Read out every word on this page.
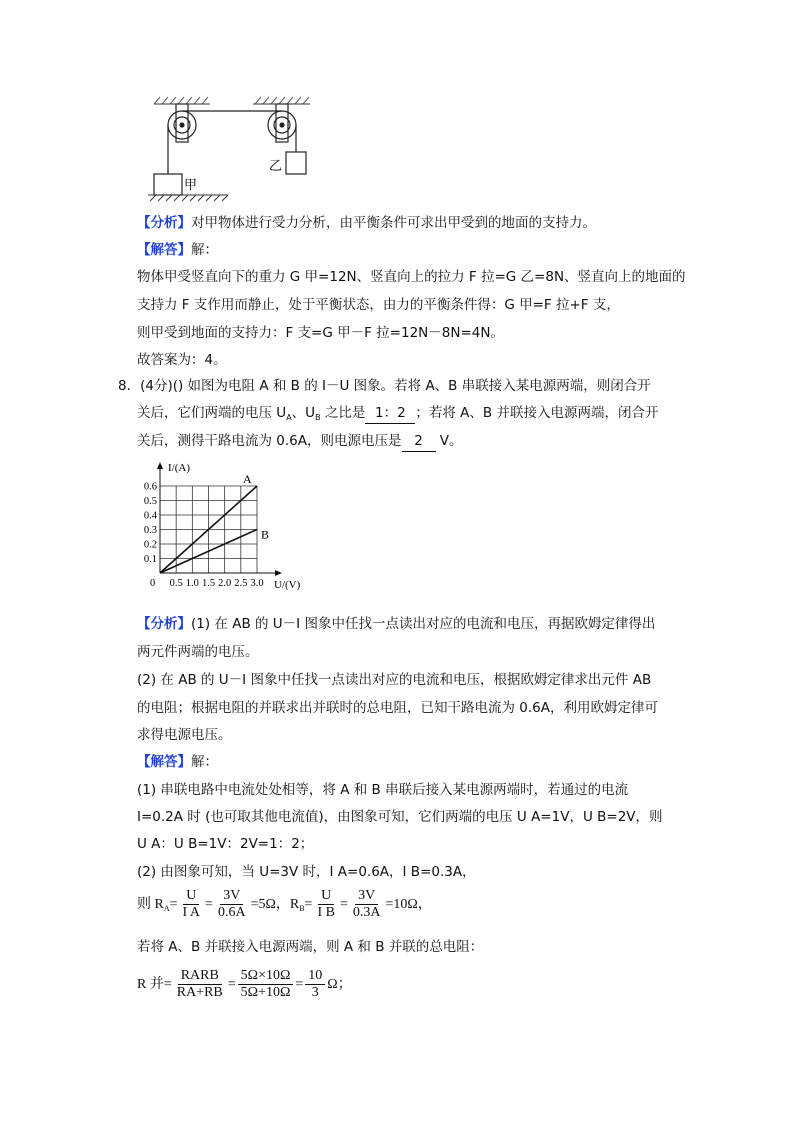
甲
乙
【分析】对甲物体进行受力分析，由平衡条件可求出甲受到的地面的支持力。
【解答】解：
物体甲受竖直向下的重力 G 甲=12N、竖直向上的拉力 F 拉=G 乙=8N、竖直向上的地面的
支持力 F 支作用而静止，处于平衡状态，由力的平衡条件得：G 甲=F 拉+F 支，
则甲受到地面的支持力：F 支=G 甲－F 拉=12N－8N=4N。
故答案为：4。
8．(4分)() 如图为电阻 A 和 B 的 I－U 图象。若将 A、B 串联接入某电源两端，则闭合开
关后，它们两端的电压 $U_A$、$U_B$ 之比是 1：2 ；若将 A、B 并联接入电源两端，闭合开
关后，测得干路电流为 0.6A，则电源电压是 2 V。
0.5 1.0 1.5 2.0 2.5 3.0
0.1
0.2
0.3
0.4
0.5
0.6
I/(A)
U/(V)
0
A
B
【分析】(1) 在 AB 的 U－I 图象中任找一点读出对应的电流和电压，再据欧姆定律得出
两元件两端的电压。
(2) 在 AB 的 U－I 图象中任找一点读出对应的电流和电压，根据欧姆定律求出元件 AB
的电阻；根据电阻的并联求出并联时的总电阻，已知干路电流为 0.6A，利用欧姆定律可
求得电源电压。
【解答】解：
(1) 串联电路中电流处处相等，将 A 和 B 串联后接入某电源两端时，若通过的电流
I=0.2A 时 (也可取其他电流值)，由图象可知，它们两端的电压 U A=1V，U B=2V，则
U A：U B=1V：2V=1：2；
(2) 由图象可知，当 U=3V 时，I A=0.6A，I B=0.3A，
则 $R_A= \frac{U}{\text{I A}} = \frac{3V}{0.6A} =5\Omega$，$R_B= \frac{U}{\text{I B}} = \frac{3V}{0.3A} =10\Omega$，
若将 A、B 并联接入电源两端，则 A 和 B 并联的总电阻：
R 并= $\frac{\text{RARB}}{RA+RB} = \frac{5\Omega\times 10\Omega}{5\Omega+10\Omega} = \frac{10}{3}$ Ω；
